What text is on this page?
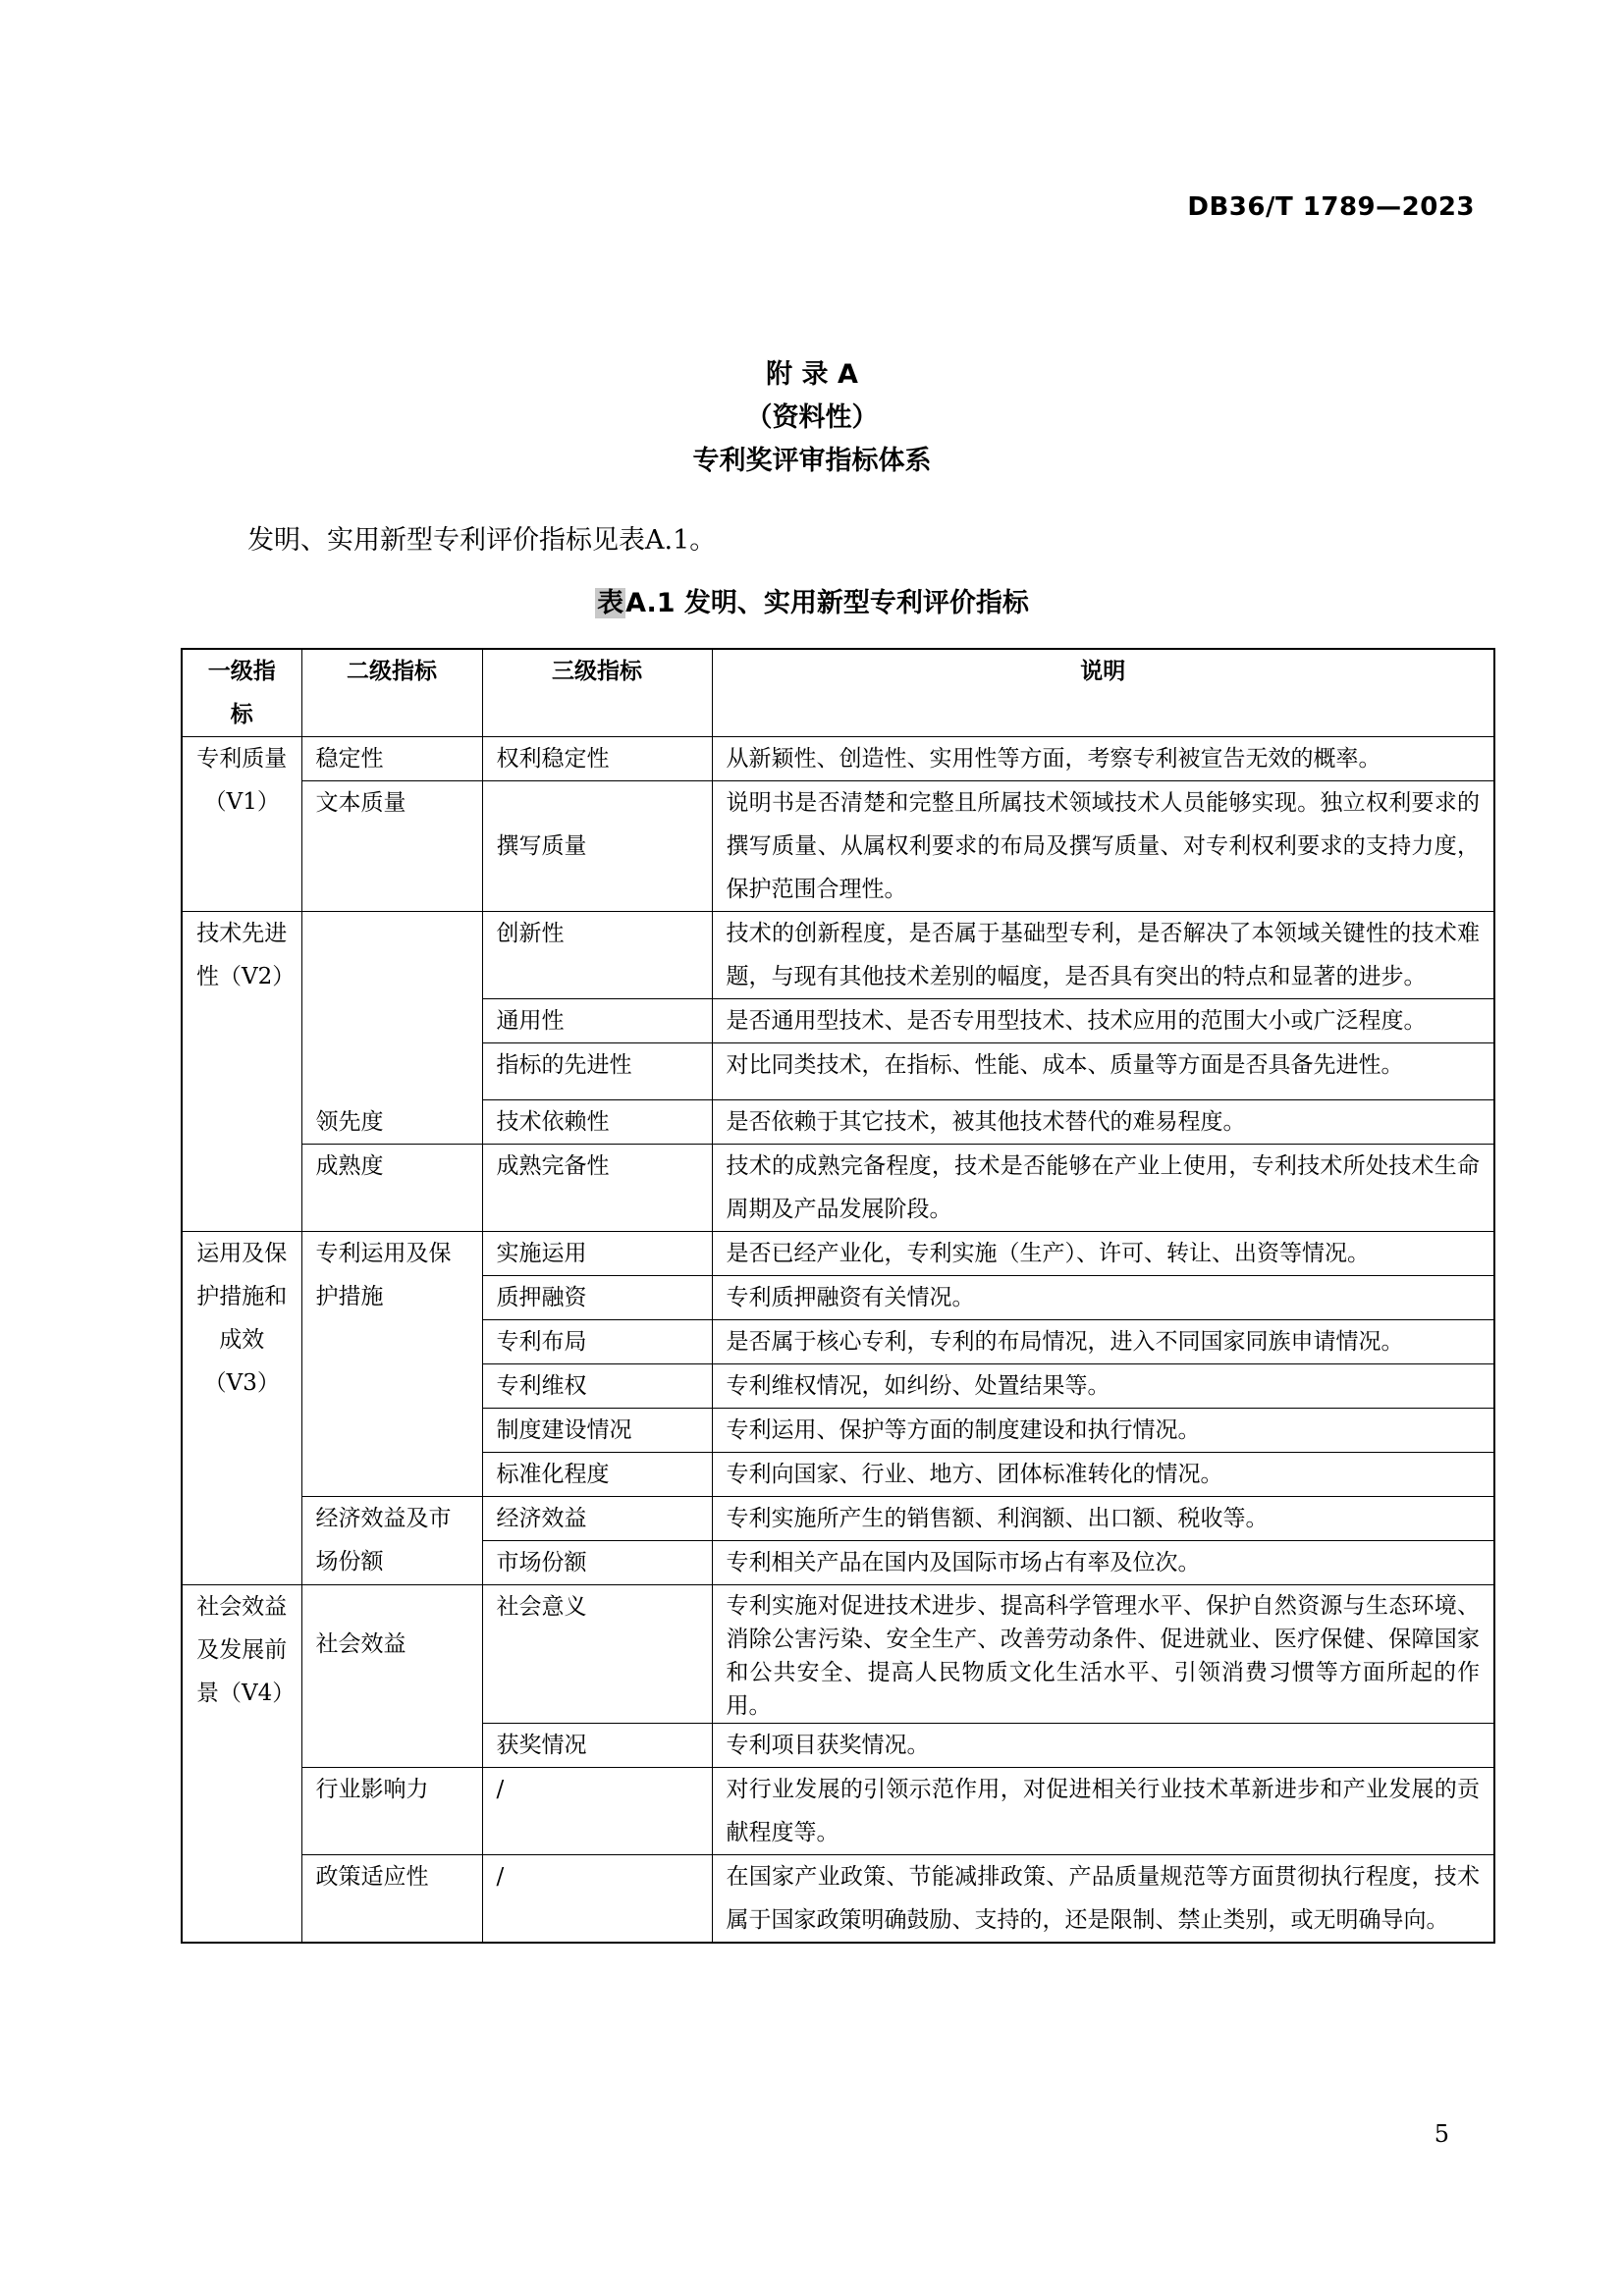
DB36/T 1789—2023
附 录 A
（资料性）
专利奖评审指标体系
发明、实用新型专利评价指标见表A.1。
表A.1 发明、实用新型专利评价指标
一级指标	二级指标	三级指标	说明
专利质量（V1）	稳定性	权利稳定性	从新颖性、创造性、实用性等方面，考察专利被宣告无效的概率。
	文本质量	撰写质量	说明书是否清楚和完整且所属技术领域技术人员能够实现。独立权利要求的撰写质量、从属权利要求的布局及撰写质量、对专利权利要求的支持力度，保护范围合理性。
技术先进性（V2）	领先度	创新性	技术的创新程度，是否属于基础型专利，是否解决了本领域关键性的技术难题，与现有其他技术差别的幅度，是否具有突出的特点和显著的进步。
		通用性	是否通用型技术、是否专用型技术、技术应用的范围大小或广泛程度。
		指标的先进性	对比同类技术，在指标、性能、成本、质量等方面是否具备先进性。
		技术依赖性	是否依赖于其它技术，被其他技术替代的难易程度。
	成熟度	成熟完备性	技术的成熟完备程度，技术是否能够在产业上使用，专利技术所处技术生命周期及产品发展阶段。
运用及保护措施和成效（V3）	专利运用及保护措施	实施运用	是否已经产业化，专利实施（生产）、许可、转让、出资等情况。
		质押融资	专利质押融资有关情况。
		专利布局	是否属于核心专利，专利的布局情况，进入不同国家同族申请情况。
		专利维权	专利维权情况，如纠纷、处置结果等。
		制度建设情况	专利运用、保护等方面的制度建设和执行情况。
		标准化程度	专利向国家、行业、地方、团体标准转化的情况。
	经济效益及市场份额	经济效益	专利实施所产生的销售额、利润额、出口额、税收等。
		市场份额	专利相关产品在国内及国际市场占有率及位次。
社会效益及发展前景（V4）	社会效益	社会意义	专利实施对促进技术进步、提高科学管理水平、保护自然资源与生态环境、消除公害污染、安全生产、改善劳动条件、促进就业、医疗保健、保障国家和公共安全、提高人民物质文化生活水平、引领消费习惯等方面所起的作用。

		获奖情况	专利项目获奖情况。
	行业影响力	/	对行业发展的引领示范作用，对促进相关行业技术革新进步和产业发展的贡献程度等。
	政策适应性	/	在国家产业政策、节能减排政策、产品质量规范等方面贯彻执行程度，技术属于国家政策明确鼓励、支持的，还是限制、禁止类别，或无明确导向。
5
